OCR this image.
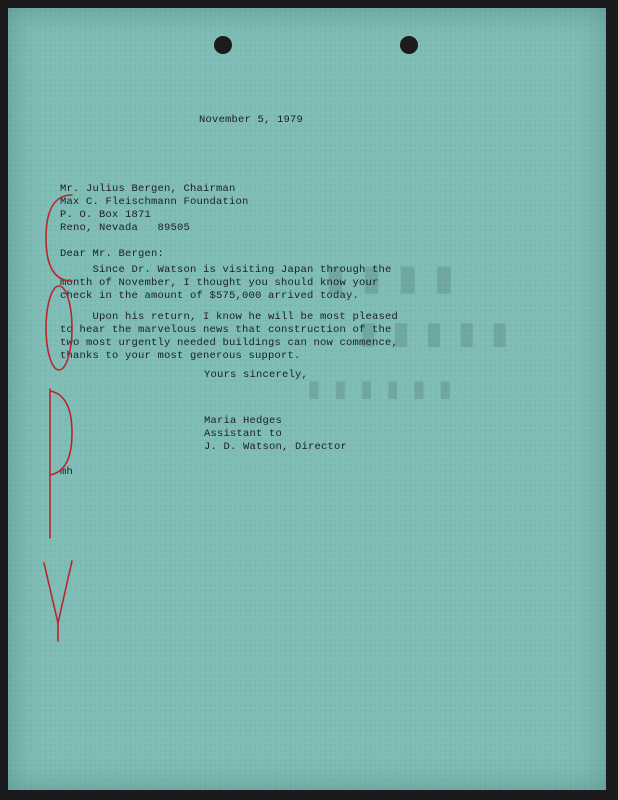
▮ ▮ ▮ ▮
▮ ▮ ▮ ▮ ▮
▮ ▮ ▮ ▮ ▮ ▮
November 5, 1979
Mr. Julius Bergen, Chairman
Max C. Fleischmann Foundation
P. O. Box 1871
Reno, Nevada   89505
Dear Mr. Bergen:
Since Dr. Watson is visiting Japan through the
month of November, I thought you should know your
check in the amount of $575,000 arrived today.
Upon his return, I know he will be most pleased
to hear the marvelous news that construction of the
two most urgently needed buildings can now commence,
thanks to your most generous support.
Yours sincerely,
Maria Hedges
Assistant to
J. D. Watson, Director
mh
